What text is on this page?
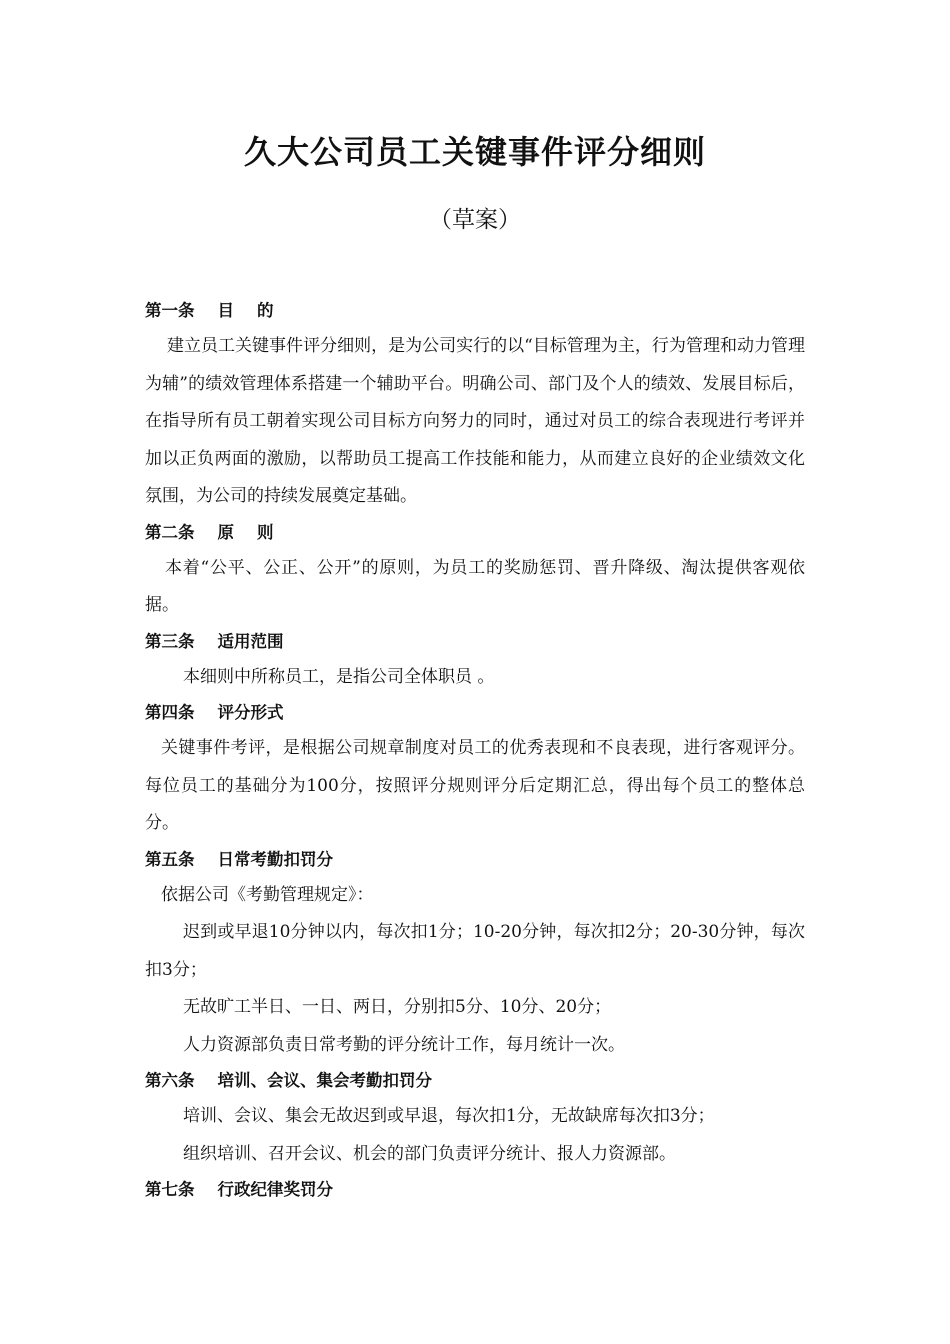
久大公司员工关键事件评分细则

（草案）

第一条    目    的

建立员工关键事件评分细则，是为公司实行的以“目标管理为主，行为管理和动力管理为辅”的绩效管理体系搭建一个辅助平台。明确公司、部门及个人的绩效、发展目标后，在指导所有员工朝着实现公司目标方向努力的同时，通过对员工的综合表现进行考评并加以正负两面的激励，以帮助员工提高工作技能和能力，从而建立良好的企业绩效文化氛围，为公司的持续发展奠定基础。

第二条    原    则

本着“公平、公正、公开”的原则，为员工的奖励惩罚、晋升降级、淘汰提供客观依据。

第三条    适用范围

本细则中所称员工，是指公司全体职员 。

第四条    评分形式

关键事件考评，是根据公司规章制度对员工的优秀表现和不良表现，进行客观评分。每位员工的基础分为100分，按照评分规则评分后定期汇总，得出每个员工的整体总分。

第五条    日常考勤扣罚分

依据公司《考勤管理规定》：

迟到或早退10分钟以内，每次扣1分；10-20分钟，每次扣2分；20-30分钟，每次扣3分；

无故旷工半日、一日、两日，分别扣5分、10分、20分；

人力资源部负责日常考勤的评分统计工作，每月统计一次。

第六条    培训、会议、集会考勤扣罚分

培训、会议、集会无故迟到或早退，每次扣1分，无故缺席每次扣3分；

组织培训、召开会议、机会的部门负责评分统计、报人力资源部。

第七条    行政纪律奖罚分
